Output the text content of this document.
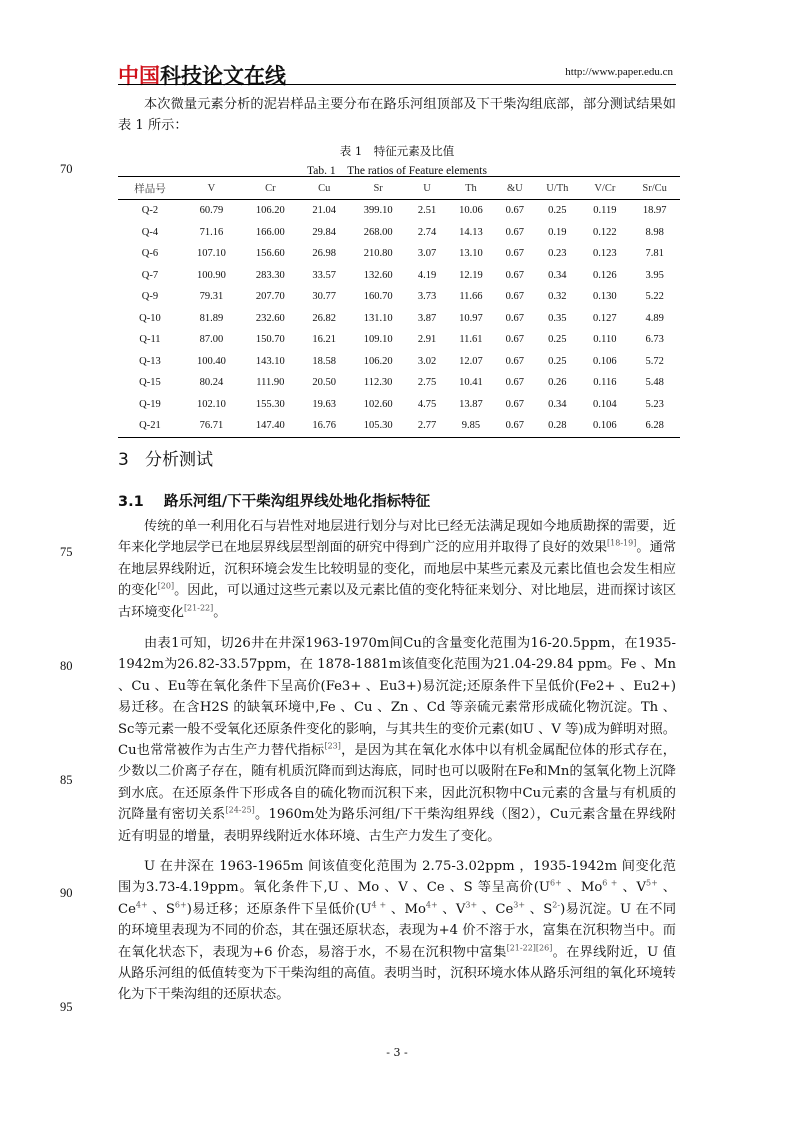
中国科技论文在线	http://www.paper.edu.cn

本次微量元素分析的泥岩样品主要分布在路乐河组顶部及下干柴沟组底部，部分测试结果如表 1 所示：

70
表 1　特征元素及比值
Tab. 1　The ratios of Feature elements
样品号	V	Cr	Cu	Sr	U	Th	&U	U/Th	V/Cr	Sr/Cu
Q-2	60.79	106.20	21.04	399.10	2.51	10.06	0.67	0.25	0.119	18.97
Q-4	71.16	166.00	29.84	268.00	2.74	14.13	0.67	0.19	0.122	8.98
Q-6	107.10	156.60	26.98	210.80	3.07	13.10	0.67	0.23	0.123	7.81
Q-7	100.90	283.30	33.57	132.60	4.19	12.19	0.67	0.34	0.126	3.95
Q-9	79.31	207.70	30.77	160.70	3.73	11.66	0.67	0.32	0.130	5.22
Q-10	81.89	232.60	26.82	131.10	3.87	10.97	0.67	0.35	0.127	4.89
Q-11	87.00	150.70	16.21	109.10	2.91	11.61	0.67	0.25	0.110	6.73
Q-13	100.40	143.10	18.58	106.20	3.02	12.07	0.67	0.25	0.106	5.72
Q-15	80.24	111.90	20.50	112.30	2.75	10.41	0.67	0.26	0.116	5.48
Q-19	102.10	155.30	19.63	102.60	4.75	13.87	0.67	0.34	0.104	5.23
Q-21	76.71	147.40	16.76	105.30	2.77	9.85	0.67	0.28	0.106	6.28
3 分析测试
3.1 路乐河组/下干柴沟组界线处地化指标特征

传统的单一利用化石与岩性对地层进行划分与对比已经无法满足现如今地质勘探的需要，近年来化学地层学已在地层界线层型剖面的研究中得到广泛的应用并取得了良好的效果[18-19]。通常在地层界线附近，沉积环境会发生比较明显的变化，而地层中某些元素及元素比值也会发生相应的变化[20]。因此，可以通过这些元素以及元素比值的变化特征来划分、对比地层，进而探讨该区古环境变化[21-22]。

由表1可知，切26井在井深1963-1970m间Cu的含量变化范围为16-20.5ppm，在1935-1942m为26.82-33.57ppm，在 1878-1881m该值变化范围为21.04-29.84 ppm。Fe 、Mn 、Cu 、Eu等在氧化条件下呈高价(Fe3+ 、Eu3+)易沉淀;还原条件下呈低价(Fe2+ 、Eu2+)易迁移。在含H2S 的缺氧环境中,Fe 、Cu 、Zn 、Cd 等亲硫元素常形成硫化物沉淀。Th 、Sc等元素一般不受氧化还原条件变化的影响，与其共生的变价元素(如U 、V 等)成为鲜明对照。Cu也常常被作为古生产力替代指标[23]，是因为其在氧化水体中以有机金属配位体的形式存在，少数以二价离子存在，随有机质沉降而到达海底，同时也可以吸附在Fe和Mn的氢氧化物上沉降到水底。在还原条件下形成各自的硫化物而沉积下来，因此沉积物中Cu元素的含量与有机质的沉降量有密切关系[24-25]。1960m处为路乐河组/下干柴沟组界线（图2），Cu元素含量在界线附近有明显的增量，表明界线附近水体环境、古生产力发生了变化。

U 在井深在 1963-1965m 间该值变化范围为 2.75-3.02ppm ，1935-1942m 间变化范围为3.73-4.19ppm。氧化条件下,U 、Mo 、V 、Ce 、S 等呈高价($U^{6+}$ 、$Mo^{6 +}$ 、$V^{5+}$ 、$Ce^{4+}$ 、$S^{6+}$)易迁移；还原条件下呈低价($U^{4 +}$ 、$Mo^{4+}$ 、$V^{3+}$ 、$Ce^{3+}$ 、$S^{2-}$)易沉淀。U 在不同的环境里表现为不同的价态，其在强还原状态，表现为+4 价不溶于水，富集在沉积物当中。而在氧化状态下，表现为+6 价态，易溶于水，不易在沉积物中富集[21-22][26]。在界线附近，U 值从路乐河组的低值转变为下干柴沟组的高值。表明当时，沉积环境水体从路乐河组的氧化环境转化为下干柴沟组的还原状态。

75
80
85
90
95
- 3 -
